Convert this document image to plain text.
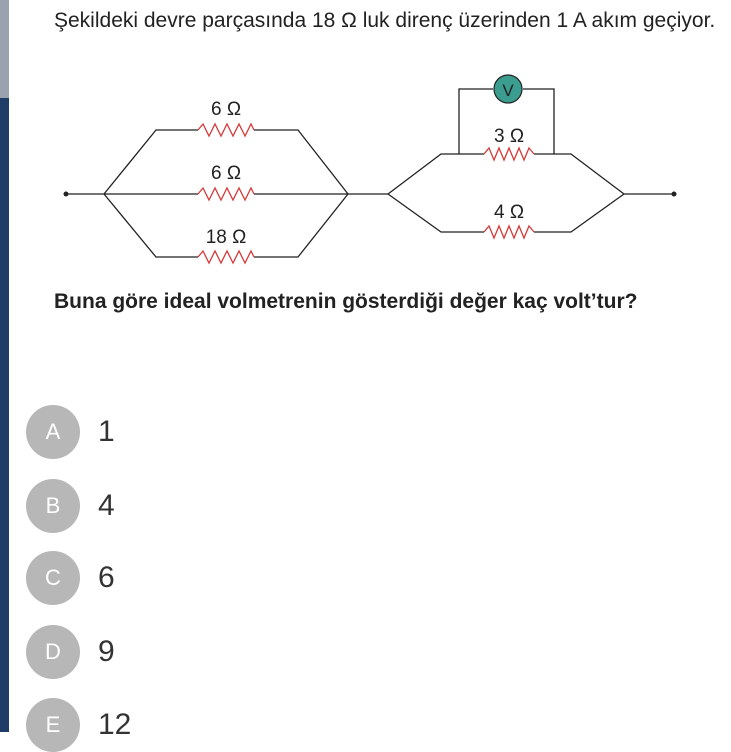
Şekildeki devre parçasında 18 Ω luk direnç üzerinden 1 A akım geçiyor.
6 Ω
6 Ω
18 Ω
3 Ω
4 Ω
V
Buna göre ideal volmetrenin gösterdiği değer kaç volt’tur?
A	1
B	4
C	6
D	9
E	12
